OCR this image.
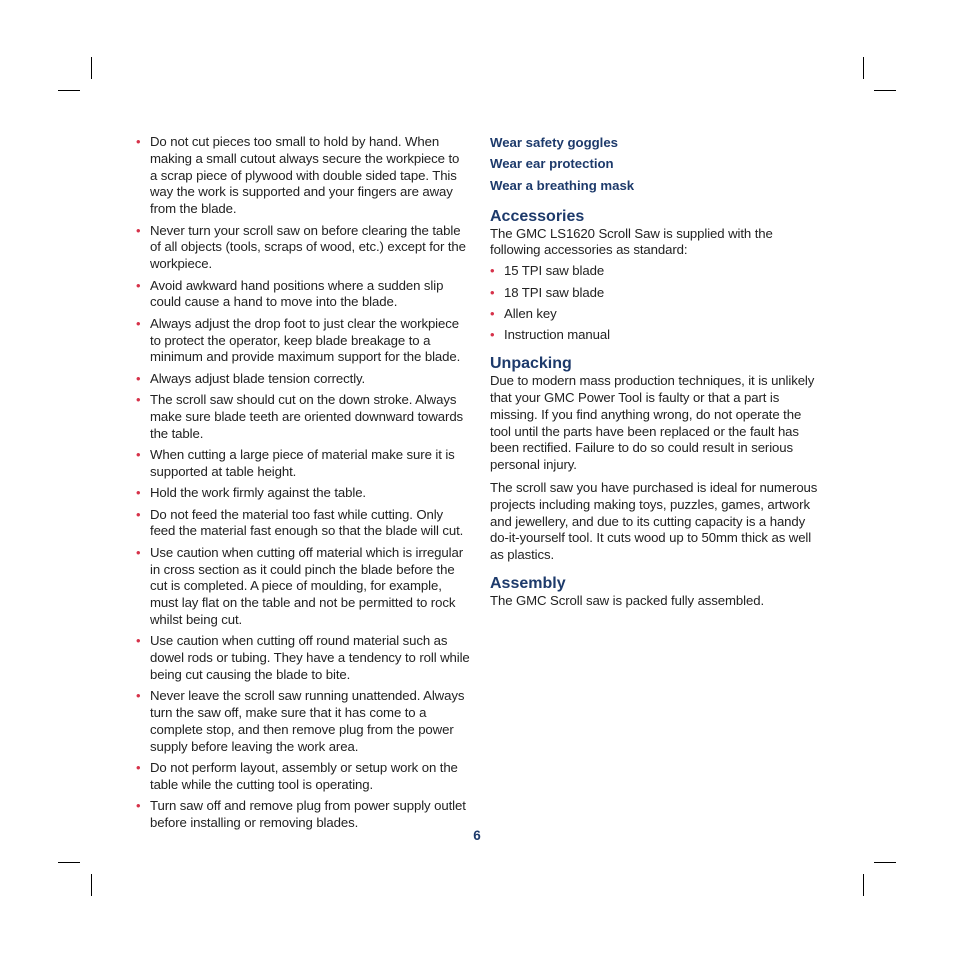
• Do not cut pieces too small to hold by hand. When making a small cutout always secure the workpiece to a scrap piece of plywood with double sided tape. This way the work is supported and your fingers are away from the blade.
• Never turn your scroll saw on before clearing the table of all objects (tools, scraps of wood, etc.) except for the workpiece.
• Avoid awkward hand positions where a sudden slip could cause a hand to move into the blade.
• Always adjust the drop foot to just clear the workpiece to protect the operator, keep blade breakage to a minimum and provide maximum support for the blade.
• Always adjust blade tension correctly.
• The scroll saw should cut on the down stroke. Always make sure blade teeth are oriented downward towards the table.
• When cutting a large piece of material make sure it is supported at table height.
• Hold the work firmly against the table.
• Do not feed the material too fast while cutting. Only feed the material fast enough so that the blade will cut.
• Use caution when cutting off material which is irregular in cross section as it could pinch the blade before the cut is completed. A piece of moulding, for example, must lay flat on the table and not be permitted to rock whilst being cut.
• Use caution when cutting off round material such as dowel rods or tubing. They have a tendency to roll while being cut causing the blade to bite.
• Never leave the scroll saw running unattended. Always turn the saw off, make sure that it has come to a complete stop, and then remove plug from the power supply before leaving the work area.
• Do not perform layout, assembly or setup work on the table while the cutting tool is operating.
• Turn saw off and remove plug from power supply outlet before installing or removing blades.
Wear safety goggles
Wear ear protection
Wear a breathing mask
Accessories

The GMC LS1620 Scroll Saw is supplied with the following accessories as standard:

• 15 TPI saw blade
• 18 TPI saw blade
• Allen key
• Instruction manual
Unpacking

Due to modern mass production techniques, it is unlikely that your GMC Power Tool is faulty or that a part is missing. If you find anything wrong, do not operate the tool until the parts have been replaced or the fault has been rectified. Failure to do so could result in serious personal injury.

The scroll saw you have purchased is ideal for numerous projects including making toys, puzzles, games, artwork and jewellery, and due to its cutting capacity is a handy do-it-yourself tool. It cuts wood up to 50mm thick as well as plastics.

Assembly

The GMC Scroll saw is packed fully assembled.

6
